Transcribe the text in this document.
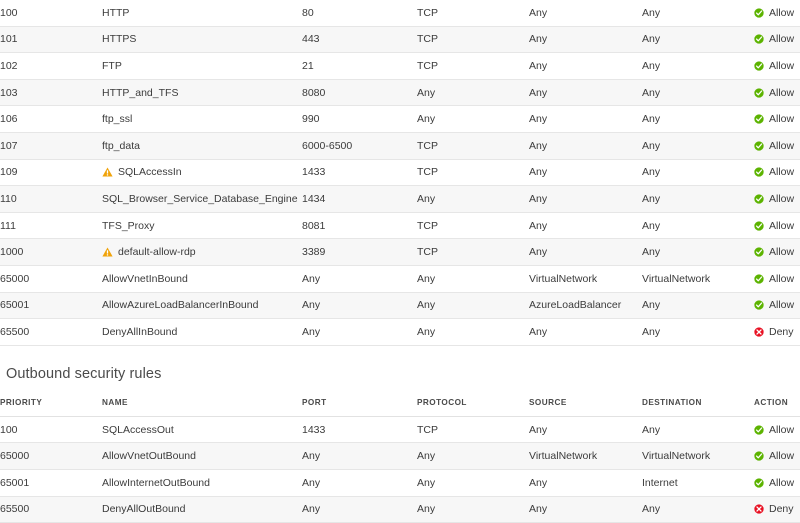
100	HTTP	80	TCP	Any	Any	Allow

101	HTTPS	443	TCP	Any	Any	Allow

102	FTP	21	TCP	Any	Any	Allow

103	HTTP_and_TFS	8080	Any	Any	Any	Allow

106	ftp_ssl	990	Any	Any	Any	Allow

107	ftp_data	6000-6500	TCP	Any	Any	Allow

109	SQLAccessIn	1433	TCP	Any	Any	Allow

110	SQL_Browser_Service_Database_Engine	1434	Any	Any	Any	Allow

111	TFS_Proxy	8081	TCP	Any	Any	Allow

1000	default-allow-rdp	3389	TCP	Any	Any	Allow

65000	AllowVnetInBound	Any	Any	VirtualNetwork	VirtualNetwork	Allow

65001	AllowAzureLoadBalancerInBound	Any	Any	AzureLoadBalancer	Any	Allow

65500	DenyAllInBound	Any	Any	Any	Any	Deny
Outbound security rules
PRIORITY	NAME	PORT	PROTOCOL	SOURCE	DESTINATION	ACTION
100	SQLAccessOut	1433	TCP	Any	Any	Allow

65000	AllowVnetOutBound	Any	Any	VirtualNetwork	VirtualNetwork	Allow

65001	AllowInternetOutBound	Any	Any	Any	Internet	Allow

65500	DenyAllOutBound	Any	Any	Any	Any	Deny
